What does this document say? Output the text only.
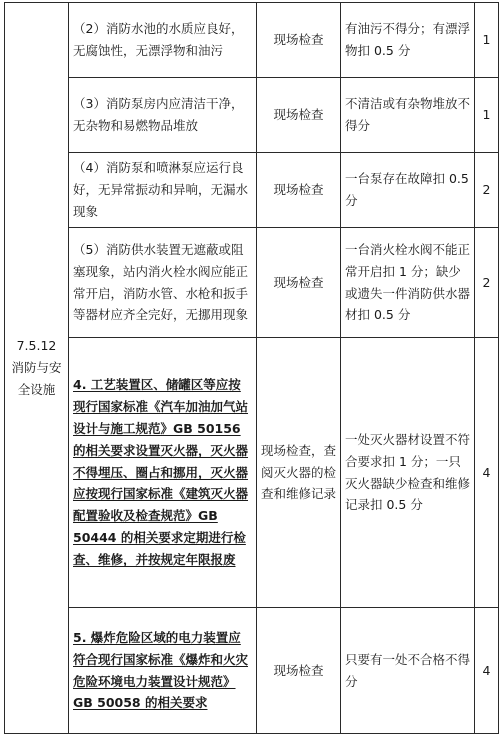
7.5.12
消防与安全设施	（2）消防水池的水质应良好，无腐蚀性，无漂浮物和油污	现场检查	有油污不得分；有漂浮物扣 0.5 分	1
	（3）消防泵房内应清洁干净，无杂物和易燃物品堆放	现场检查	不清洁或有杂物堆放不得分	1
	（4）消防泵和喷淋泵应运行良好，无异常振动和异响，无漏水现象	现场检查	一台泵存在故障扣 0.5 分	2
	（5）消防供水装置无遮蔽或阻塞现象，站内消火栓水阀应能正常开启，消防水管、水枪和扳手等器材应齐全完好，无挪用现象	现场检查	一台消火栓水阀不能正常开启扣 1 分；缺少或遗失一件消防供水器材扣 0.5 分	2
	4. 工艺装置区、储罐区等应按现行国家标准《汽车加油加气站设计与施工规范》GB 50156 的相关要求设置灭火器，灭火器不得埋压、圈占和挪用，灭火器应按现行国家标准《建筑灭火器配置验收及检查规范》GB 50444 的相关要求定期进行检查、维修，并按规定年限报废	现场检查，查阅灭火器的检查和维修记录	一处灭火器材设置不符合要求扣 1 分；一只灭火器缺少检查和维修记录扣 0.5 分	4
	5. 爆炸危险区域的电力装置应符合现行国家标准《爆炸和火灾危险环境电力装置设计规范》GB 50058 的相关要求	现场检查	只要有一处不合格不得分	4
